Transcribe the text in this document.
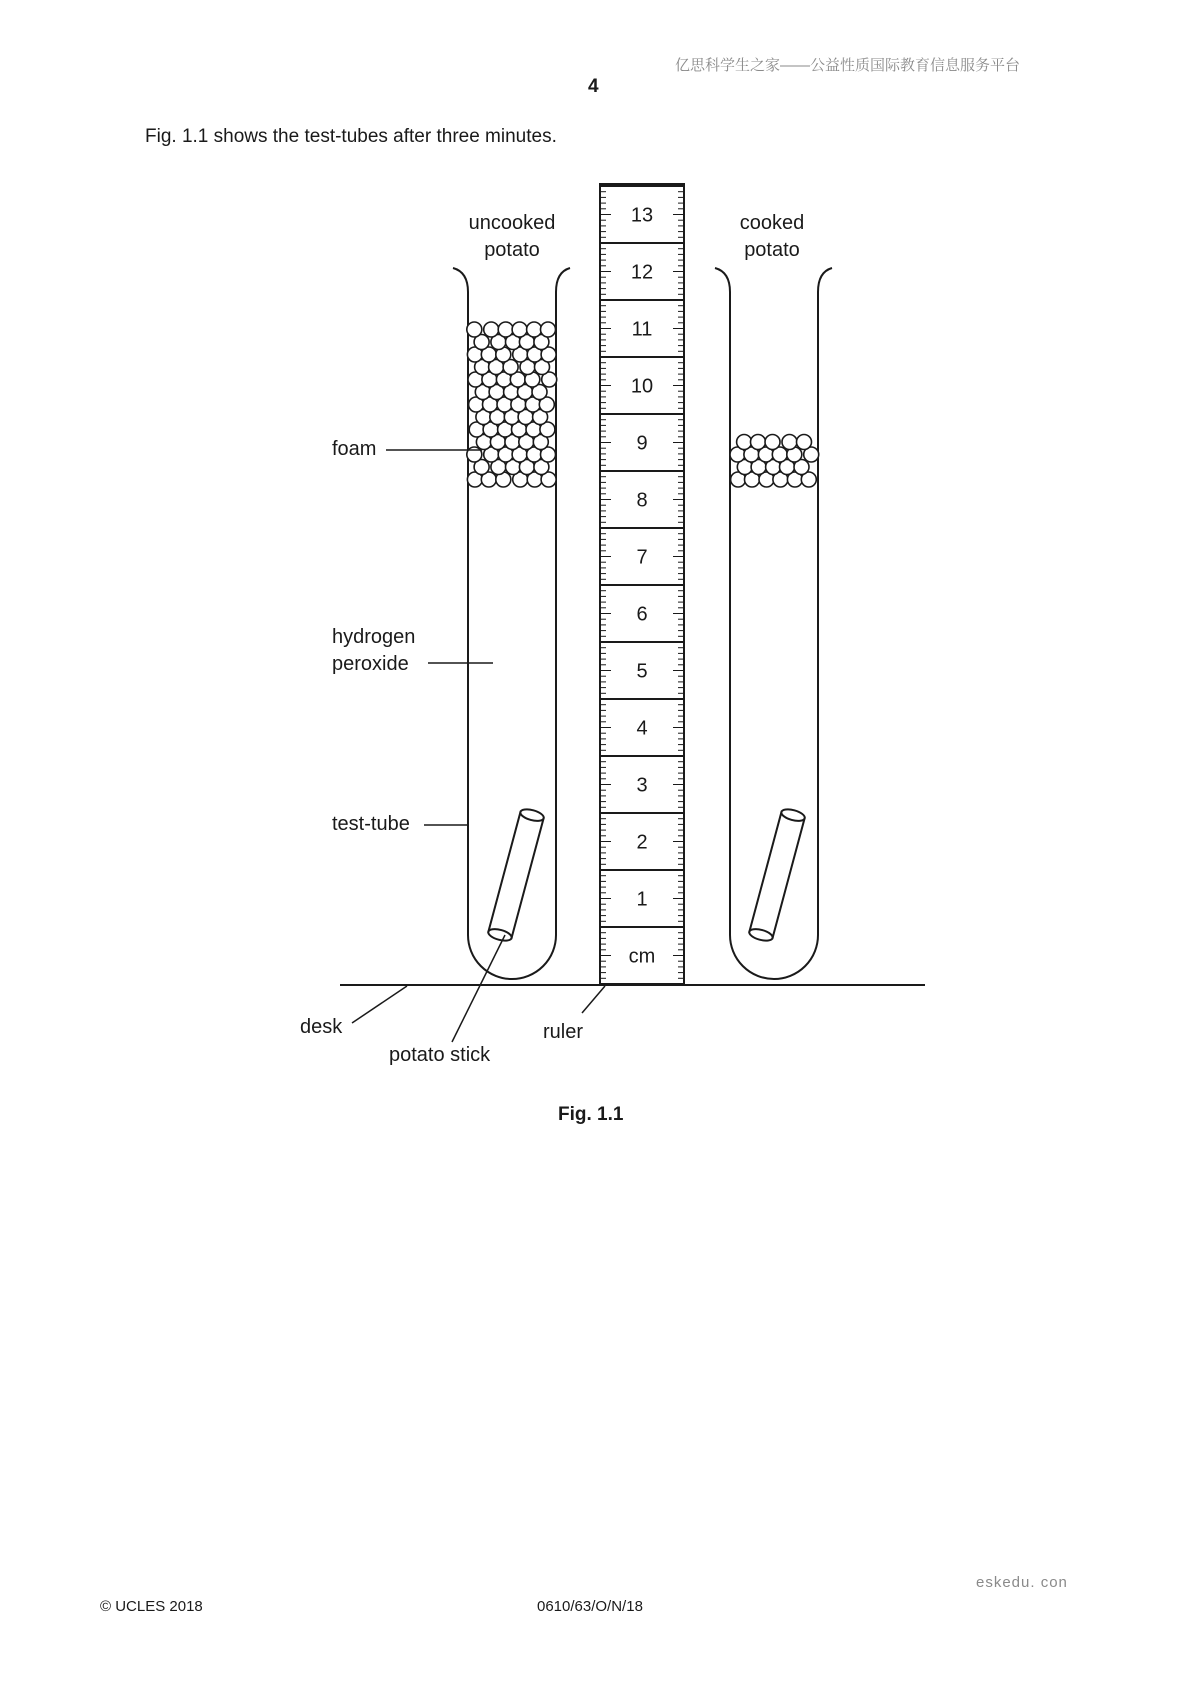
亿思科学生之家——公益性质国际教育信息服务平台
4
Fig. 1.1 shows the test-tubes after three minutes.
cm
1
2
3
4
5
6
7
8
9
10
11
12
13
uncooked
potato
cooked
potato
foam
hydrogen
peroxide
test-tube
desk
potato stick
ruler
Fig. 1.1
© UCLES 2018	0610/63/O/N/18
eskedu. con
